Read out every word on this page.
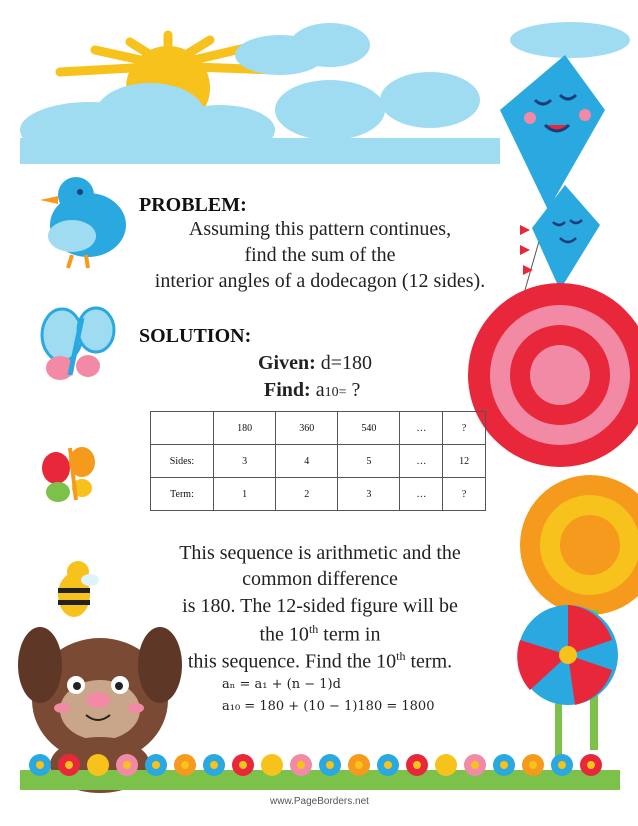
PROBLEM:
Assuming this pattern continues,
find the sum of the
interior angles of a dodecagon (12 sides).
SOLUTION:
Given: d=180
Find: a10= ?
	180	360	540	…	?
Sides:	3	4	5	…	12
Term:	1	2	3	…	?
This sequence is arithmetic and the
common difference
is 180. The 12-sided figure will be
the 10th term in
this sequence. Find the 10th term.
aₙ = a₁ + (n − 1)d
a₁₀ = 180 + (10 − 1)180 = 1800
www.PageBorders.net
